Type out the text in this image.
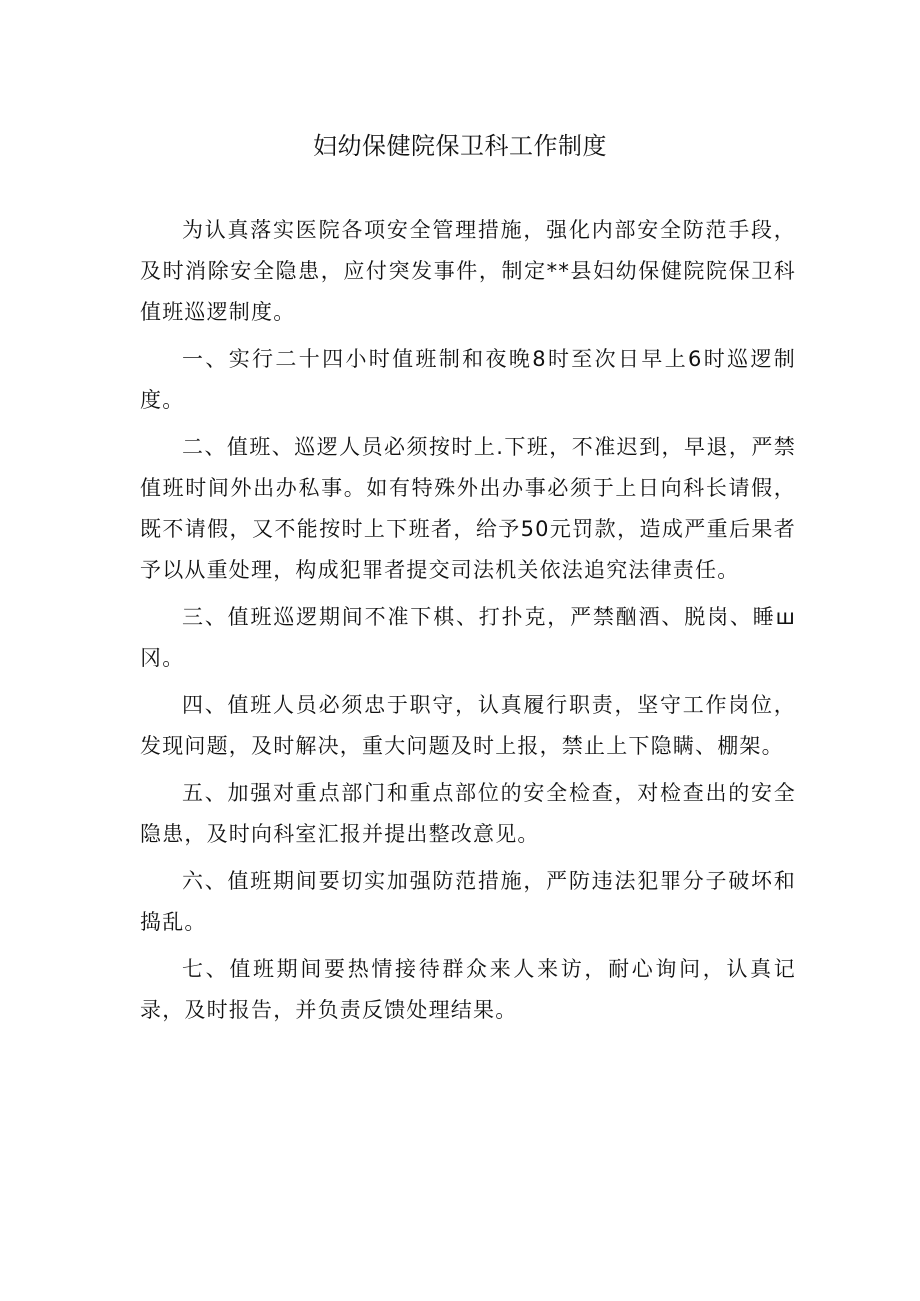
妇幼保健院保卫科工作制度

为认真落实医院各项安全管理措施，强化内部安全防范手段，及时消除安全隐患，应付突发事件，制定**县妇幼保健院院保卫科值班巡逻制度。

一、实行二十四小时值班制和夜晚8时至次日早上6时巡逻制度。

二、值班、巡逻人员必须按时上.下班，不准迟到，早退，严禁值班时间外出办私事。如有特殊外出办事必须于上日向科长请假，既不请假，又不能按时上下班者，给予50元罚款，造成严重后果者予以从重处理，构成犯罪者提交司法机关依法追究法律责任。

三、值班巡逻期间不准下棋、打扑克，严禁酗酒、脱岗、睡ш冈。

四、值班人员必须忠于职守，认真履行职责，坚守工作岗位，发现问题，及时解决，重大问题及时上报，禁止上下隐瞒、棚架。

五、加强对重点部门和重点部位的安全检查，对检查出的安全隐患，及时向科室汇报并提出整改意见。

六、值班期间要切实加强防范措施，严防违法犯罪分子破坏和捣乱。

七、值班期间要热情接待群众来人来访，耐心询问，认真记录，及时报告，并负责反馈处理结果。
